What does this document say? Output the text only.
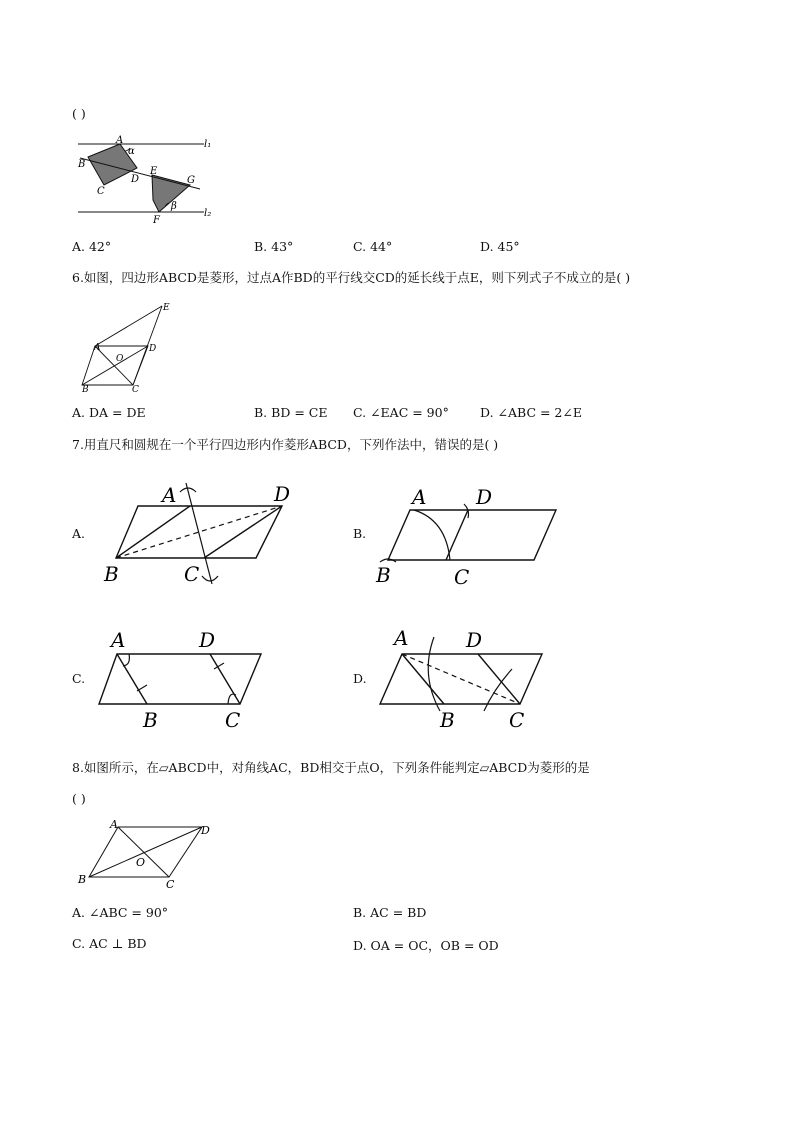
( )
A
B
C
D
E
F
G
α
β
l₁
l₂
A. 42°	B. 43°	C. 44°	D. 45°
6.如图，四边形ABCD是菱形，过点A作BD的平行线交CD的延长线于点E，则下列式子不成立的是( )
E
A	D
O
B	C
A. DA = DE	B. BD = CE C. ∠EAC = 90° D. ∠ABC = 2∠E
7.用直尺和圆规在一个平行四边形内作菱形ABCD，下列作法中，错误的是( )
A.
A	D
B	C
B.
A D
B	C
C.
A	D
B	C
D.
A	D
B	C
8.如图所示，在▱ABCD中，对角线AC，BD相交于点O，下列条件能判定▱ABCD为菱形的是
( )
A	D
O
B	C
A. ∠ABC = 90°	B. AC = BD
C. AC ⊥ BD	D. OA = OC，OB = OD
